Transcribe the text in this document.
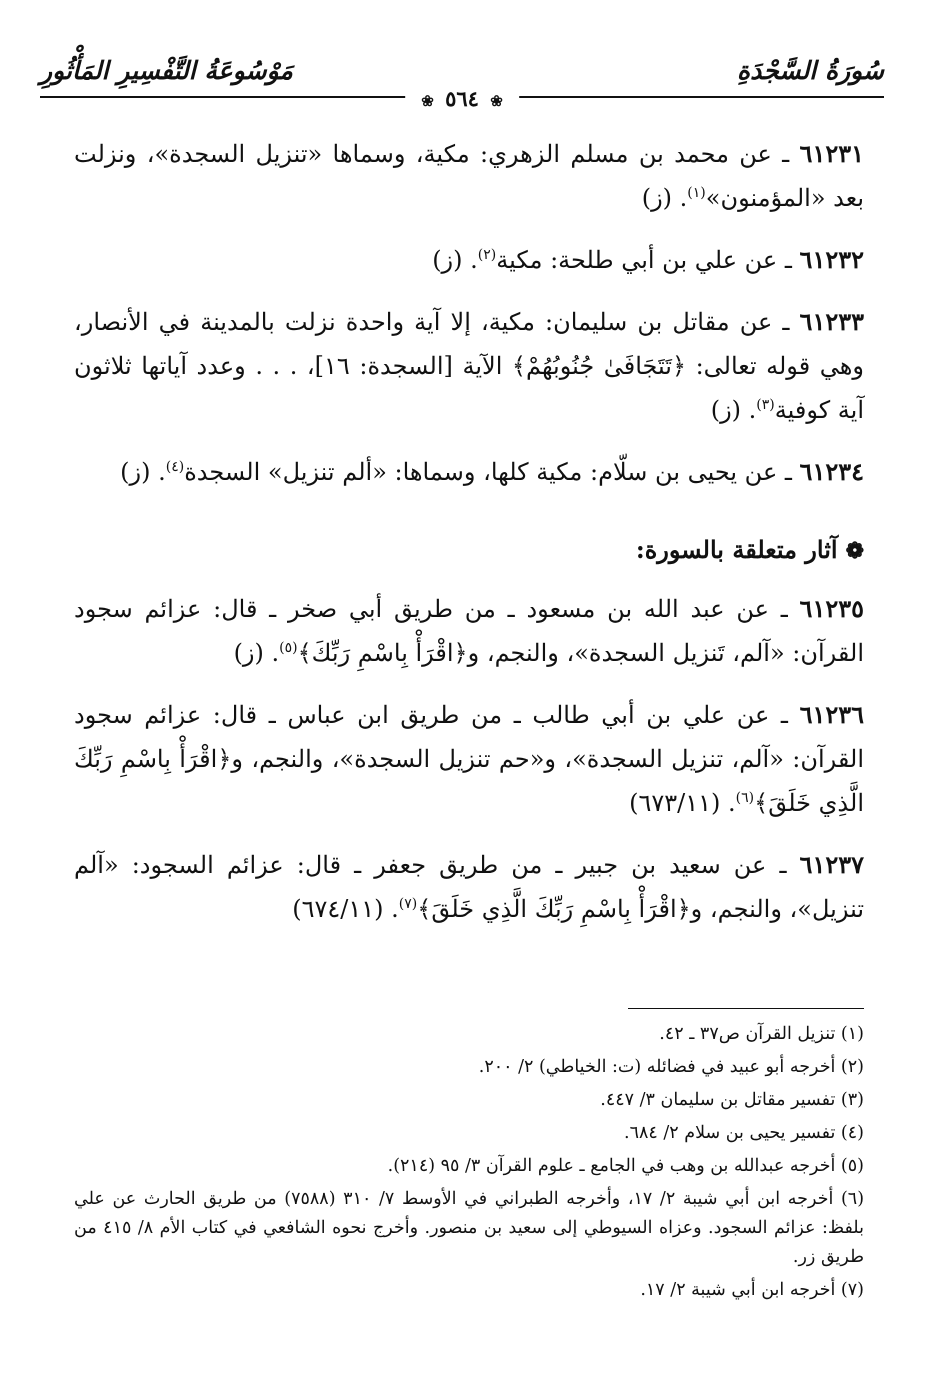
سُورَةُ السَّجْدَةِ
مَوْسُوعَةُ التَّفْسِيرِ المَأْثُورِ
❀ ٥٦٤ ❀

٦١٢٣١ ـ عن محمد بن مسلم الزهري: مكية، وسماها «تنزيل السجدة»، ونزلت بعد «المؤمنون»$^{(١)}$. (ز)

٦١٢٣٢ ـ عن علي بن أبي طلحة: مكية$^{(٢)}$. (ز)

٦١٢٣٣ ـ عن مقاتل بن سليمان: مكية، إلا آية واحدة نزلت بالمدينة في الأنصار، وهي قوله تعالى: ﴿تَتَجَافَىٰ جُنُوبُهُمْ﴾ الآية [السجدة: ١٦]، . . . وعدد آياتها ثلاثون آية كوفية$^{(٣)}$. (ز)

٦١٢٣٤ ـ عن يحيى بن سلّام: مكية كلها، وسماها: «ألم تنزيل» السجدة$^{(٤)}$. (ز)

❁آثار متعلقة بالسورة:

٦١٢٣٥ ـ عن عبد الله بن مسعود ـ من طريق أبي صخر ـ قال: عزائم سجود القرآن: «آلم، تَنزيل السجدة»، والنجم، و﴿اقْرَأْ بِاسْمِ رَبِّكَ﴾$^{(٥)}$. (ز)

٦١٢٣٦ ـ عن علي بن أبي طالب ـ من طريق ابن عباس ـ قال: عزائم سجود القرآن: «آلم، تنزيل السجدة»، و«حم تنزيل السجدة»، والنجم، و﴿اقْرَأْ بِاسْمِ رَبِّكَ الَّذِي خَلَقَ﴾$^{(٦)}$. (٦٧٣/١١)

٦١٢٣٧ ـ عن سعيد بن جبير ـ من طريق جعفر ـ قال: عزائم السجود: «آلم تنزيل»، والنجم، و﴿اقْرَأْ بِاسْمِ رَبِّكَ الَّذِي خَلَقَ﴾$^{(٧)}$. (٦٧٤/١١)

(١) تنزيل القرآن ص٣٧ ـ ٤٢.

(٢) أخرجه أبو عبيد في فضائله (ت: الخياطي) ٢/ ٢٠٠.

(٣) تفسير مقاتل بن سليمان ٣/ ٤٤٧.

(٤) تفسير يحيى بن سلام ٢/ ٦٨٤.

(٥) أخرجه عبدالله بن وهب في الجامع ـ علوم القرآن ٣/ ٩٥ (٢١٤).

(٦) أخرجه ابن أبي شيبة ٢/ ١٧، وأخرجه الطبراني في الأوسط ٧/ ٣١٠ (٧٥٨٨) من طريق الحارث عن علي بلفظ: عزائم السجود. وعزاه السيوطي إلى سعيد بن منصور. وأخرج نحوه الشافعي في كتاب الأم ٨/ ٤١٥ من طريق زر.

(٧) أخرجه ابن أبي شيبة ٢/ ١٧.
